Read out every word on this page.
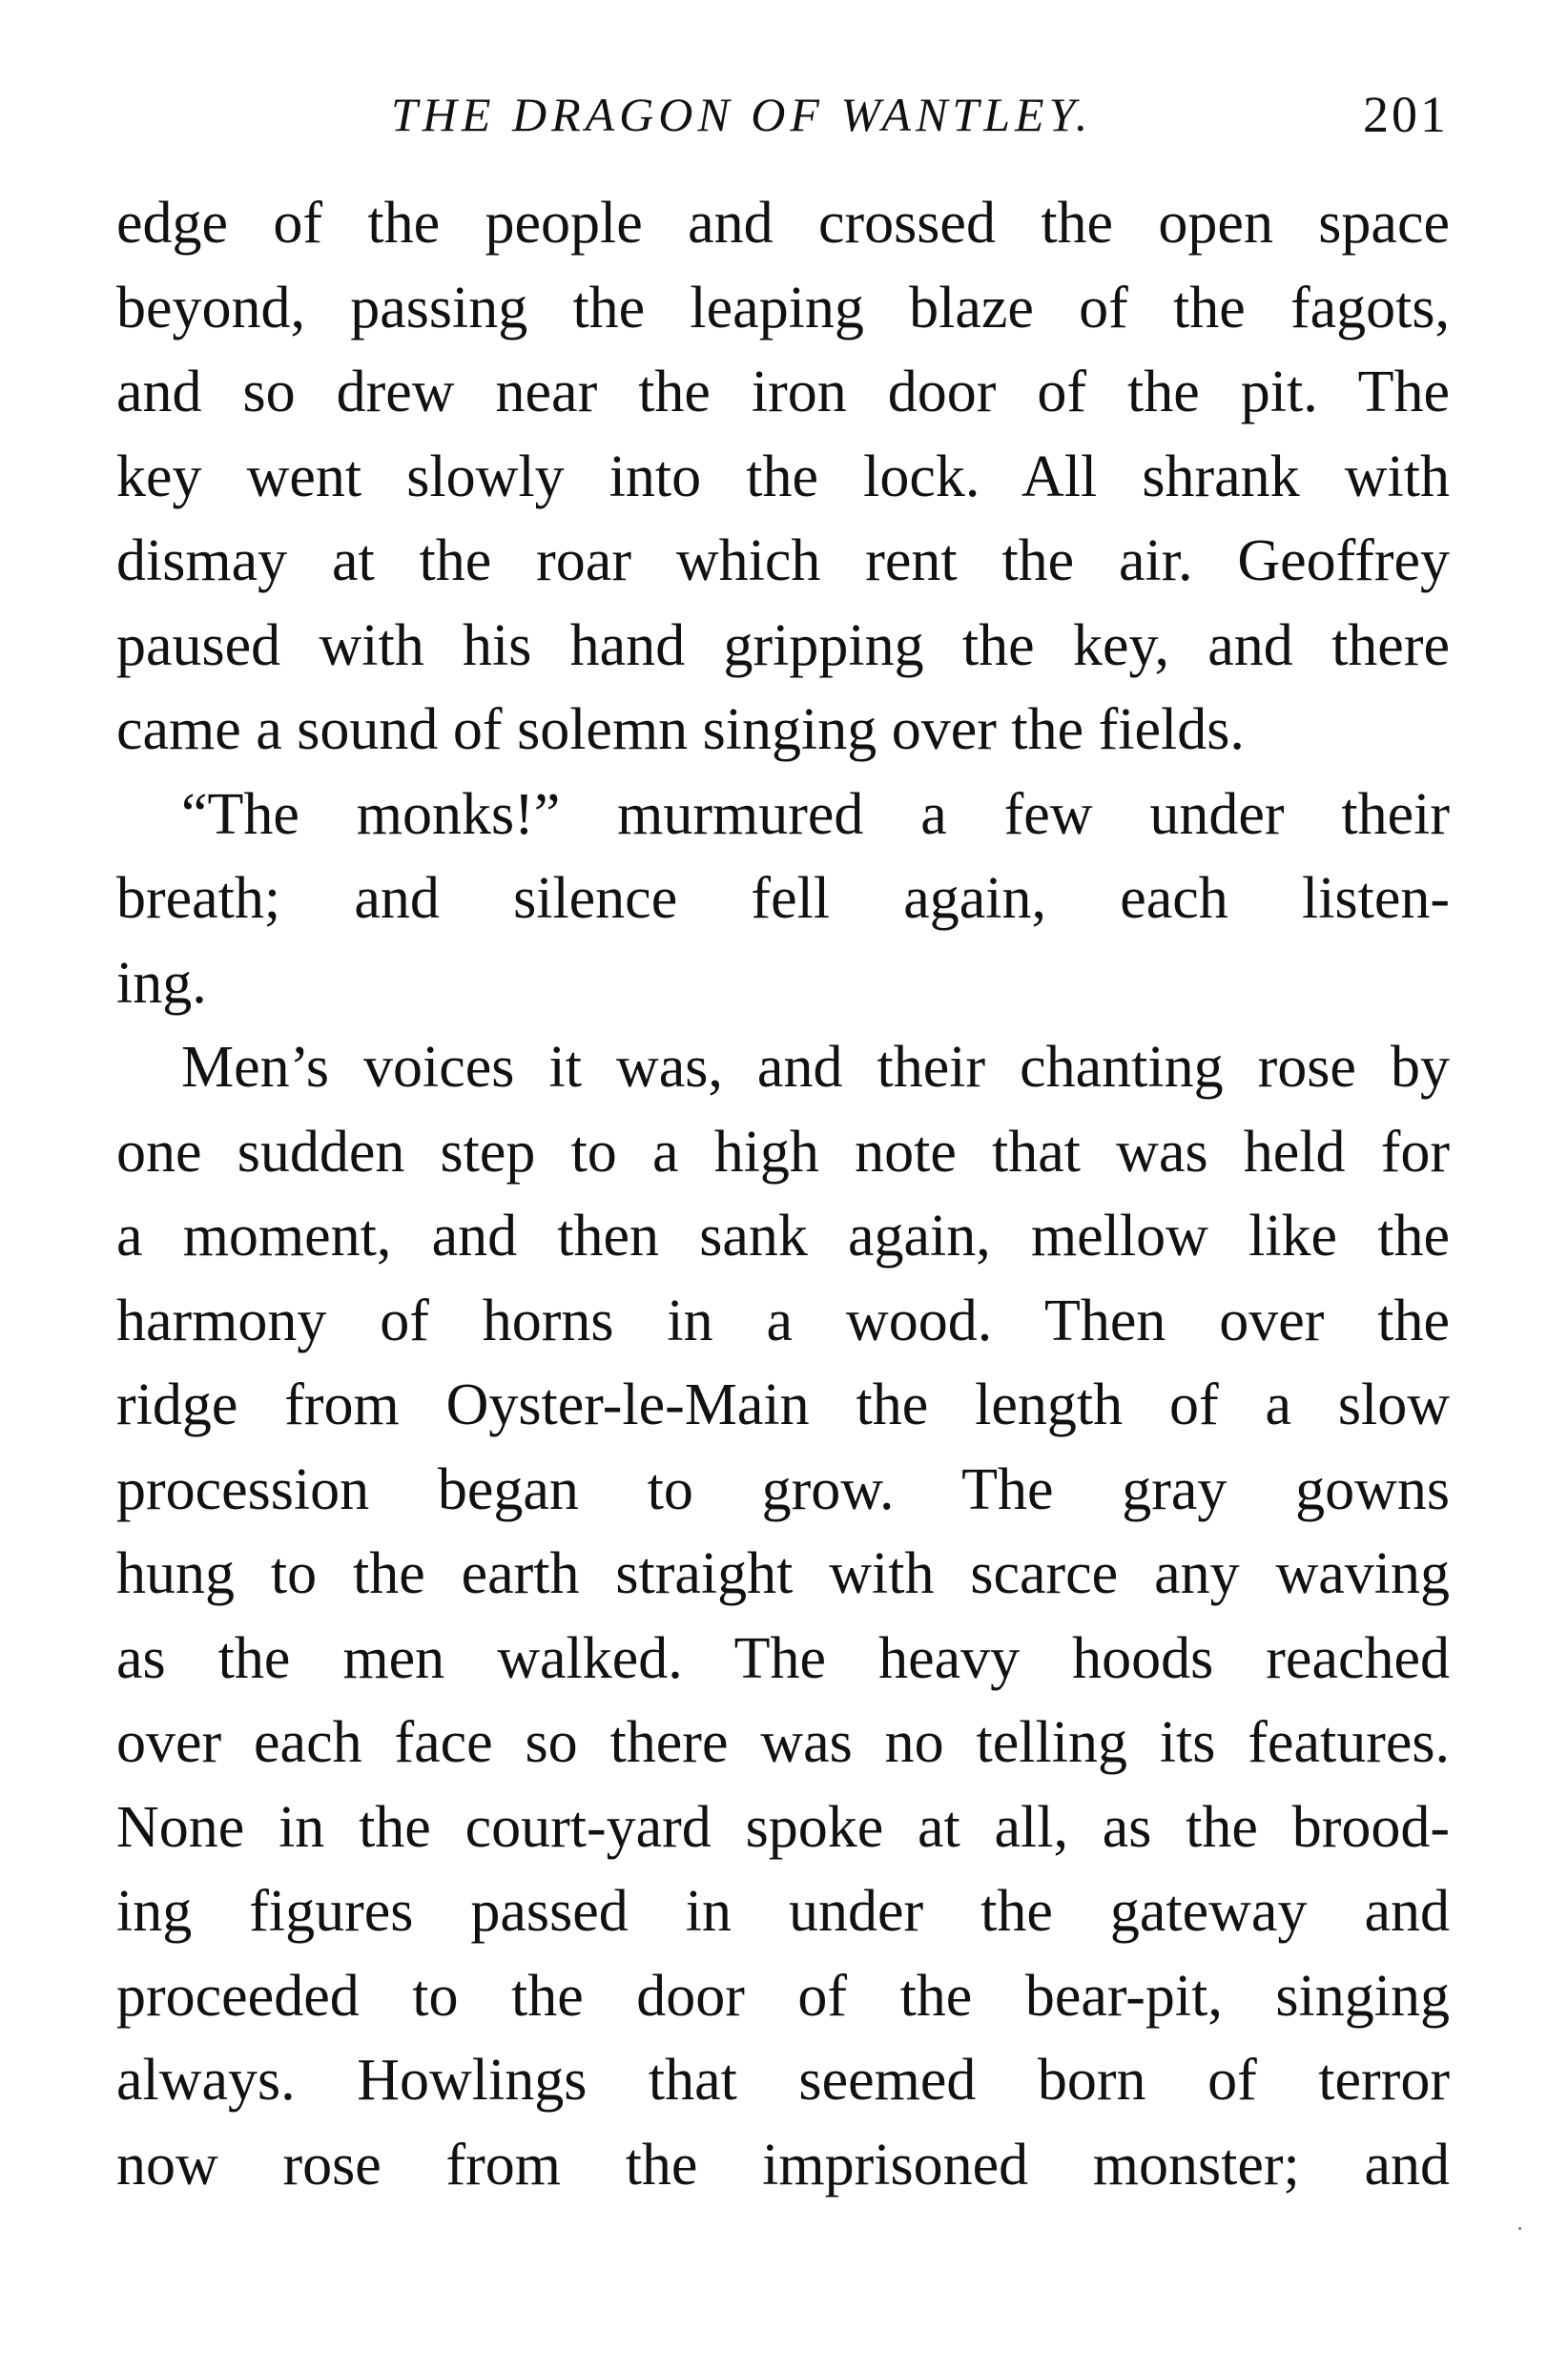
THE DRAGON OF WANTLEY.	201
edge of the people and crossed the open space
beyond, passing the leaping blaze of the fagots,
and so drew near the iron door of the pit. The
key went slowly into the lock. All shrank with
dismay at the roar which rent the air. Geoffrey
paused with his hand gripping the key, and there
came a sound of solemn singing over the fields.
“The monks!” murmured a few under their
breath; and silence fell again, each listen-
ing.
Men’s voices it was, and their chanting rose by
one sudden step to a high note that was held for
a moment, and then sank again, mellow like the
harmony of horns in a wood. Then over the
ridge from Oyster-le-Main the length of a slow
procession began to grow. The gray gowns
hung to the earth straight with scarce any waving
as the men walked. The heavy hoods reached
over each face so there was no telling its features.
None in the court-yard spoke at all, as the brood-
ing figures passed in under the gateway and
proceeded to the door of the bear-pit, singing
always. Howlings that seemed born of terror
now rose from the imprisoned monster; and
